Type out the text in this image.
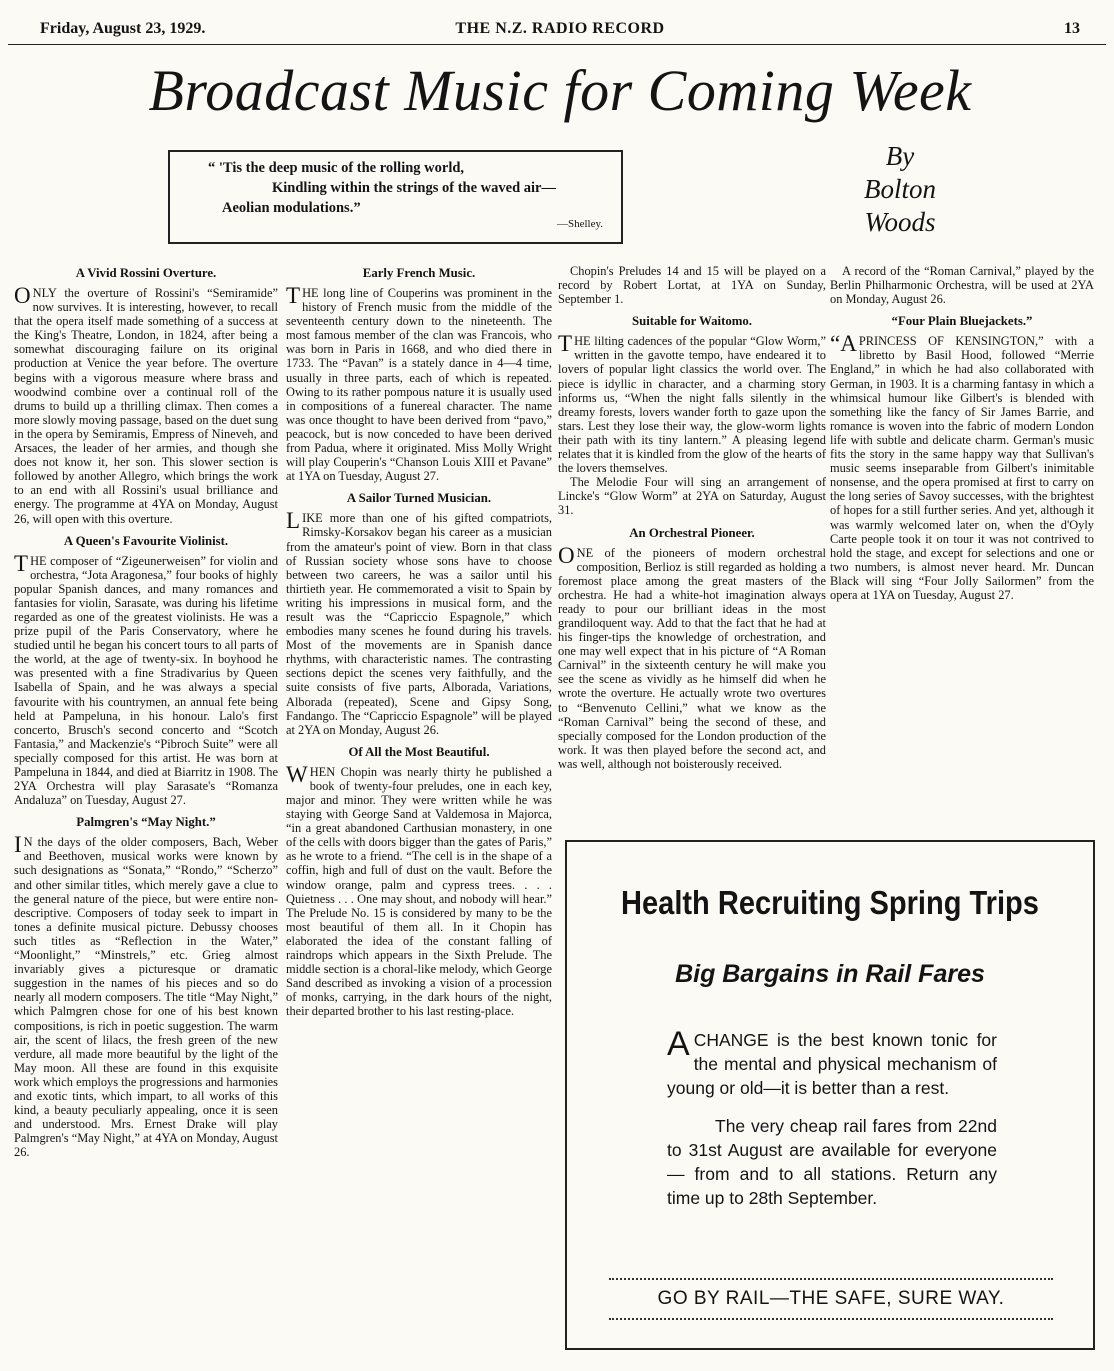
Friday, August 23, 1929.	THE N.Z. RADIO RECORD	13
Broadcast Music for Coming Week
“ 'Tis the deep music of the rolling world,
Kindling within the strings of the waved air—
Aeolian modulations.”
—Shelley.
By
Bolton
Woods
A Vivid Rossini Overture.

ONLY the overture of Rossini's “Semiramide” now survives. It is interesting, however, to recall that the opera itself made something of a success at the King's Theatre, London, in 1824, after being a somewhat discouraging failure on its original production at Venice the year before. The overture begins with a vigorous measure where brass and woodwind combine over a continual roll of the drums to build up a thrilling climax. Then comes a more slowly moving passage, based on the duet sung in the opera by Semiramis, Empress of Nineveh, and Arsaces, the leader of her armies, and though she does not know it, her son. This slower section is followed by another Allegro, which brings the work to an end with all Rossini's usual brilliance and energy. The programme at 4YA on Monday, August 26, will open with this overture.

A Queen's Favourite Violinist.

THE composer of “Zigeunerweisen” for violin and orchestra, “Jota Aragonesa,” four books of highly popular Spanish dances, and many romances and fantasies for violin, Sarasate, was during his lifetime regarded as one of the greatest violinists. He was a prize pupil of the Paris Conservatory, where he studied until he began his concert tours to all parts of the world, at the age of twenty-six. In boyhood he was presented with a fine Stradivarius by Queen Isabella of Spain, and he was always a special favourite with his countrymen, an annual fete being held at Pampeluna, in his honour. Lalo's first concerto, Brusch's second concerto and “Scotch Fantasia,” and Mackenzie's “Pibroch Suite” were all specially composed for this artist. He was born at Pampeluna in 1844, and died at Biarritz in 1908. The 2YA Orchestra will play Sarasate's “Romanza Andaluza” on Tuesday, August 27.

Palmgren's “May Night.”

I N the days of the older composers, Bach, Weber and Beethoven, musical works were known by such designations as “Sonata,” “Rondo,” “Scherzo” and other similar titles, which merely gave a clue to the general nature of the piece, but were entire non-descriptive. Composers of today seek to impart in tones a definite musical picture. Debussy chooses such titles as “Reflection in the Water,” “Moonlight,” “Minstrels,” etc. Grieg almost invariably gives a picturesque or dramatic suggestion in the names of his pieces and so do nearly all modern composers. The title “May Night,” which Palmgren chose for one of his best known compositions, is rich in poetic suggestion. The warm air, the scent of lilacs, the fresh green of the new verdure, all made more beautiful by the light of the May moon. All these are found in this exquisite work which employs the progressions and harmonies and exotic tints, which impart, to all works of this kind, a beauty peculiarly appealing, once it is seen and understood. Mrs. Ernest Drake will play Palmgren's “May Night,” at 4YA on Monday, August 26.

Early French Music.

THE long line of Couperins was prominent in the history of French music from the middle of the seventeenth century down to the nineteenth. The most famous member of the clan was Francois, who was born in Paris in 1668, and who died there in 1733. The “Pavan” is a stately dance in 4—4 time, usually in three parts, each of which is repeated. Owing to its rather pompous nature it is usually used in compositions of a funereal character. The name was once thought to have been derived from “pavo,” peacock, but is now conceded to have been derived from Padua, where it originated. Miss Molly Wright will play Couperin's “Chanson Louis XIII et Pavane” at 1YA on Tuesday, August 27.

A Sailor Turned Musician.

LIKE more than one of his gifted compatriots, Rimsky-Korsakov began his career as a musician from the amateur's point of view. Born in that class of Russian society whose sons have to choose between two careers, he was a sailor until his thirtieth year. He commemorated a visit to Spain by writing his impressions in musical form, and the result was the “Capriccio Espagnole,” which embodies many scenes he found during his travels. Most of the movements are in Spanish dance rhythms, with characteristic names. The contrasting sections depict the scenes very faithfully, and the suite consists of five parts, Alborada, Variations, Alborada (repeated), Scene and Gipsy Song, Fandango. The “Capriccio Espagnole” will be played at 2YA on Monday, August 26.

Of All the Most Beautiful.

WHEN Chopin was nearly thirty he published a book of twenty-four preludes, one in each key, major and minor. They were written while he was staying with George Sand at Valdemosa in Majorca, “in a great abandoned Carthusian monastery, in one of the cells with doors bigger than the gates of Paris,” as he wrote to a friend. “The cell is in the shape of a coffin, high and full of dust on the vault. Before the window orange, palm and cypress trees. . . . Quietness . . . One may shout, and nobody will hear.” The Prelude No. 15 is considered by many to be the most beautiful of them all. In it Chopin has elaborated the idea of the constant falling of raindrops which appears in the Sixth Prelude. The middle section is a choral-like melody, which George Sand described as invoking a vision of a procession of monks, carrying, in the dark hours of the night, their departed brother to his last resting-place.

Chopin's Preludes 14 and 15 will be played on a record by Robert Lortat, at 1YA on Sunday, September 1.

Suitable for Waitomo.

THE lilting cadences of the popular “Glow Worm,” written in the gavotte tempo, have endeared it to lovers of popular light classics the world over. The piece is idyllic in character, and a charming story informs us, “When the night falls silently in the dreamy forests, lovers wander forth to gaze upon the stars. Lest they lose their way, the glow-worm lights their path with its tiny lantern.” A pleasing legend relates that it is kindled from the glow of the hearts of the lovers themselves.

The Melodie Four will sing an arrangement of Lincke's “Glow Worm” at 2YA on Saturday, August 31.

An Orchestral Pioneer.

ONE of the pioneers of modern orchestral composition, Berlioz is still regarded as holding a foremost place among the great masters of the orchestra. He had a white-hot imagination always ready to pour our brilliant ideas in the most grandiloquent way. Add to that the fact that he had at his finger-tips the knowledge of orchestration, and one may well expect that in his picture of “A Roman Carnival” in the sixteenth century he will make you see the scene as vividly as he himself did when he wrote the overture. He actually wrote two overtures to “Benvenuto Cellini,” what we know as the “Roman Carnival” being the second of these, and specially composed for the London production of the work. It was then played before the second act, and was well, although not boisterously received.

A record of the “Roman Carnival,” played by the Berlin Philharmonic Orchestra, will be used at 2YA on Monday, August 26.

“Four Plain Bluejackets.”

“A PRINCESS OF KENSINGTON,” with a libretto by Basil Hood, followed “Merrie England,” in which he had also collaborated with German, in 1903. It is a charming fantasy in which a whimsical humour like Gilbert's is blended with something like the fancy of Sir James Barrie, and romance is woven into the fabric of modern London life with subtle and delicate charm. German's music fits the story in the same happy way that Sullivan's music seems inseparable from Gilbert's inimitable nonsense, and the opera promised at first to carry on the long series of Savoy successes, with the brightest of hopes for a still further series. And yet, although it was warmly welcomed later on, when the d'Oyly Carte people took it on tour it was not contrived to hold the stage, and except for selections and one or two numbers, is almost never heard. Mr. Duncan Black will sing “Four Jolly Sailormen” from the opera at 1YA on Tuesday, August 27.

Health Recruiting Spring Trips
Big Bargains in Rail Fares

ACHANGE is the best known tonic for the mental and physical mechanism of young or old—it is better than a rest.

The very cheap rail fares from 22nd to 31st August are available for everyone — from and to all stations. Return any time up to 28th September.

GO BY RAIL—THE SAFE, SURE WAY.
